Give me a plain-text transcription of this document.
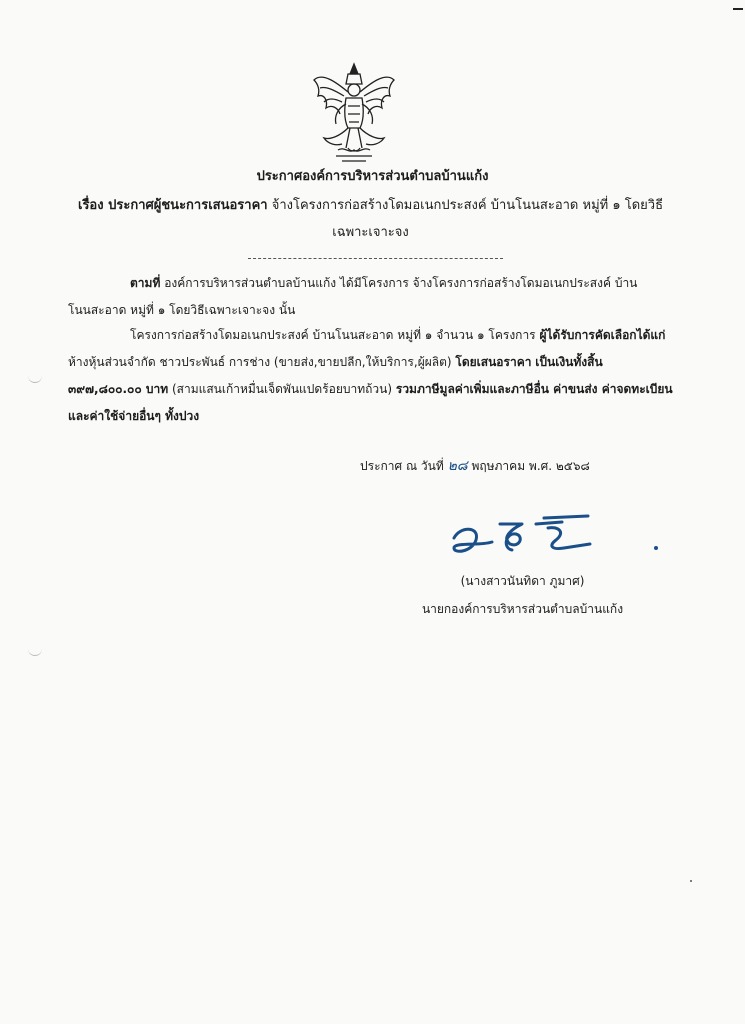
ประกาศองค์การบริหารส่วนตำบลบ้านแก้ง
เรื่อง ประกาศผู้ชนะการเสนอราคา จ้างโครงการก่อสร้างโดมอเนกประสงค์ บ้านโนนสะอาด หมู่ที่ ๑ โดยวิธีเฉพาะเจาะจง
ตามที่ องค์การบริหารส่วนตำบลบ้านแก้ง ได้มีโครงการ จ้างโครงการก่อสร้างโดมอเนกประสงค์ บ้านโนนสะอาด หมู่ที่ ๑ โดยวิธีเฉพาะเจาะจง นั้น
โครงการก่อสร้างโดมอเนกประสงค์ บ้านโนนสะอาด หมู่ที่ ๑ จำนวน ๑ โครงการ ผู้ได้รับการคัดเลือกได้แก่ ห้างหุ้นส่วนจำกัด ชาวประพันธ์ การช่าง (ขายส่ง,ขายปลีก,ให้บริการ,ผู้ผลิต) โดยเสนอราคา เป็นเงินทั้งสิ้น ๓๙๗,๘๐๐.๐๐ บาท (สามแสนเก้าหมื่นเจ็ดพันแปดร้อยบาทถ้วน) รวมภาษีมูลค่าเพิ่มและภาษีอื่น ค่าขนส่ง ค่าจดทะเบียน และค่าใช้จ่ายอื่นๆ ทั้งปวง
ประกาศ ณ วันที่ ๒๘ พฤษภาคม พ.ศ. ๒๕๖๘
(นางสาวนันทิดา ภูมาศ)
นายกองค์การบริหารส่วนตำบลบ้านแก้ง
